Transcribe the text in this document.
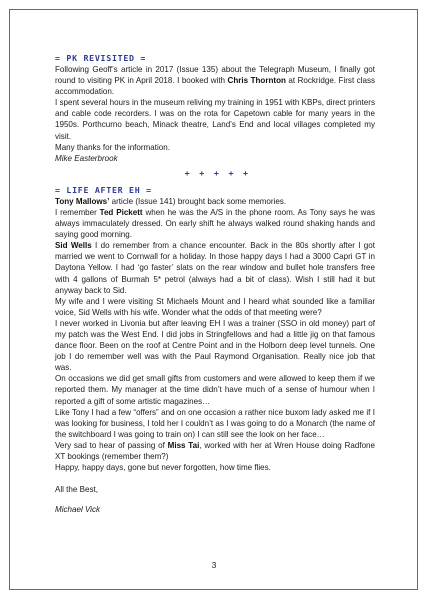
= PK REVISITED =

Following Geoff’s article in 2017 (Issue 135) about the Telegraph Museum, I finally got round to visiting PK in April 2018. I booked with Chris Thornton at Rockridge. First class accommodation.

I spent several hours in the museum reliving my training in 1951 with KBPs, direct printers and cable code recorders. I was on the rota for Capetown cable for many years in the 1950s. Porthcurno beach, Minack theatre, Land’s End and local villages completed my visit.

Many thanks for the information.

Mike Easterbrook

+ + + + +
= LIFE AFTER EH =

Tony Mallows’ article (Issue 141) brought back some memories.

I remember Ted Pickett when he was the A/S in the phone room. As Tony says he was always immaculately dressed. On early shift he always walked round shaking hands and saying good morning.

Sid Wells I do remember from a chance encounter. Back in the 80s shortly after I got married we went to Cornwall for a holiday. In those happy days I had a 3000 Capri GT in Daytona Yellow. I had ‘go faster’ slats on the rear window and bullet hole transfers free with 4 gallons of Burmah 5* petrol (always had a bit of class). Wish I still had it but anyway back to Sid.

My wife and I were visiting St Michaels Mount and I heard what sounded like a familiar voice, Sid Wells with his wife. Wonder what the odds of that meeting were?

I never worked in Livonia but after leaving EH I was a trainer (SSO in old money) part of my patch was the West End. I did jobs in Stringfellows and had a little jig on that famous dance floor. Been on the roof at Centre Point and in the Holborn deep level tunnels. One job I do remember well was with the Paul Raymond Organisation. Really nice job that was.

On occasions we did get small gifts from customers and were allowed to keep them if we reported them. My manager at the time didn’t have much of a sense of humour when I reported a gift of some artistic magazines…

Like Tony I had a few “offers” and on one occasion a rather nice buxom lady asked me if I was looking for business, I told her I couldn’t as I was going to do a Monarch (the name of the switchboard I was going to train on) I can still see the look on her face…

Very sad to hear of passing of Miss Tai, worked with her at Wren House doing Radfone XT bookings (remember them?)

Happy, happy days, gone but never forgotten, how time flies.

All the Best,

Michael Vick

3
